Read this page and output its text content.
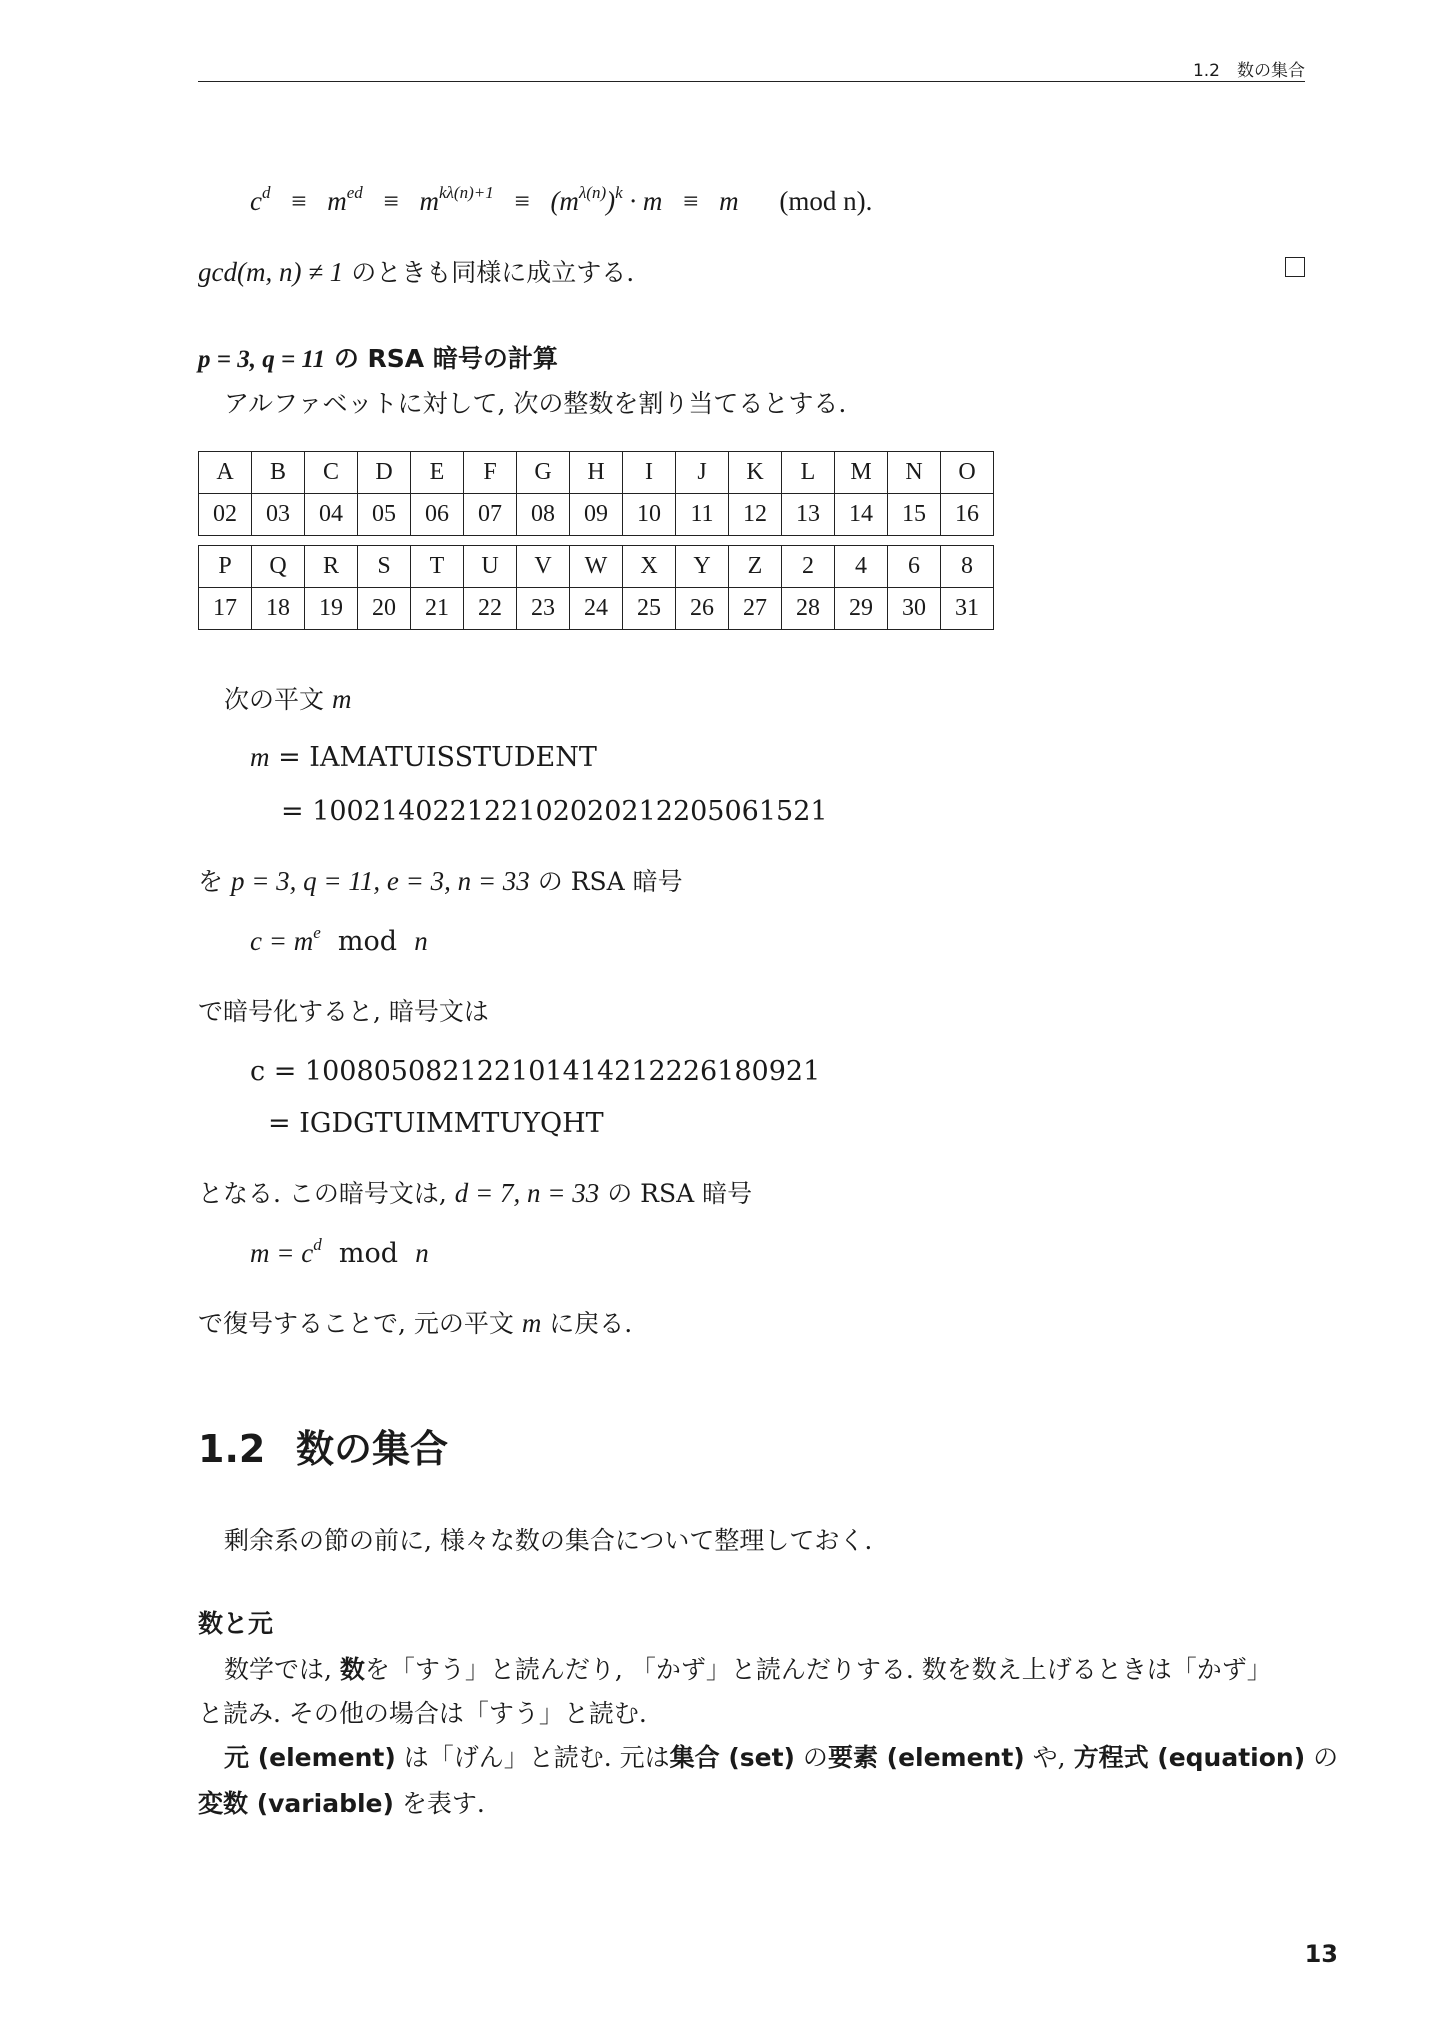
1.2　数の集合
$c^d \equiv m^{ed} \equiv m^{k\lambda(n)+1} \equiv (m^{\lambda(n)})^k \cdot m \equiv m$ (mod n).
gcd(m, n) ≠ 1 のときも同様に成立する.
p = 3, q = 11 の RSA 暗号の計算
アルファベットに対して, 次の整数を割り当てるとする.
A	B	C	D	E	F	G	H	I	J	K	L	M	N	O
02	03	04	05	06	07	08	09	10	11	12	13	14	15	16
P	Q	R	S	T	U	V	W	X	Y	Z	2	4	6	8
17	18	19	20	21	22	23	24	25	26	27	28	29	30	31
次の平文 m
m = IAMATUISSTUDENT
= 100214022122102020212205061521
を p = 3, q = 11, e = 3, n = 33 の RSA 暗号
$c = m^e$  mod  n
で暗号化すると, 暗号文は
c = 100805082122101414212226180921
= IGDGTUIMMTUYQHT
となる. この暗号文は, d = 7, n = 33 の RSA 暗号
$m = c^d$  mod  n
で復号することで, 元の平文 m に戻る.
1.2 数の集合
剰余系の節の前に, 様々な数の集合について整理しておく.
数と元
数学では, 数を「すう」と読んだり, 「かず」と読んだりする. 数を数え上げるときは「かず」
と読み. その他の場合は「すう」と読む.
元 (element) は「げん」と読む. 元は集合 (set) の要素 (element) や, 方程式 (equation) の
変数 (variable) を表す.
13
